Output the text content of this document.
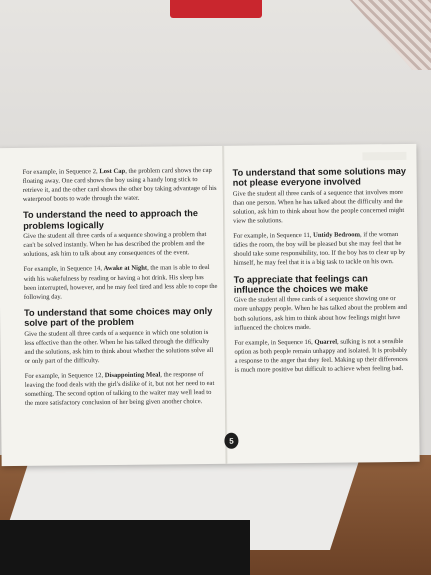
For example, in Sequence 2, Lost Cap, the problem card shows the cap floating away. One card shows the boy using a handy long stick to retrieve it, and the other card shows the other boy taking advantage of his waterproof boots to wade through the water.

To understand the need to approach the problems logically

Give the student all three cards of a sequence showing a problem that can't be solved instantly. When he has described the problem and the solutions, ask him to talk about any consequences of the event.

For example, in Sequence 14, Awake at Night, the man is able to deal with his wakefulness by reading or having a hot drink. His sleep has been interrupted, however, and he may feel tired and less able to cope the following day.

To understand that some choices may only solve part of the problem

Give the student all three cards of a sequence in which one solution is less effective than the other. When he has talked through the difficulty and the solutions, ask him to think about whether the solutions solve all or only part of the difficulty.

For example, in Sequence 12, Disappointing Meal, the response of leaving the food deals with the girl's dislike of it, but not her need to eat something. The second option of talking to the waiter may well lead to the more satisfactory conclusion of her being given another choice.

To understand that some solutions may not please everyone involved

Give the student all three cards of a sequence that involves more than one person. When he has talked about the difficulty and the solution, ask him to think about how the people concerned might view the solutions.

For example, in Sequence 11, Untidy Bedroom, if the woman tidies the room, the boy will be pleased but she may feel that he should take some responsibility, too. If the boy has to clear up by himself, he may feel that it is a big task to tackle on his own.

To appreciate that feelings can influence the choices we make

Give the student all three cards of a sequence showing one or more unhappy people. When he has talked about the problem and both solutions, ask him to think about how feelings might have influenced the choices made.

For example, in Sequence 16, Quarrel, sulking is not a sensible option as both people remain unhappy and isolated. It is probably a response to the anger that they feel. Making up their differences is much more positive but difficult to achieve when feeling bad.

5
